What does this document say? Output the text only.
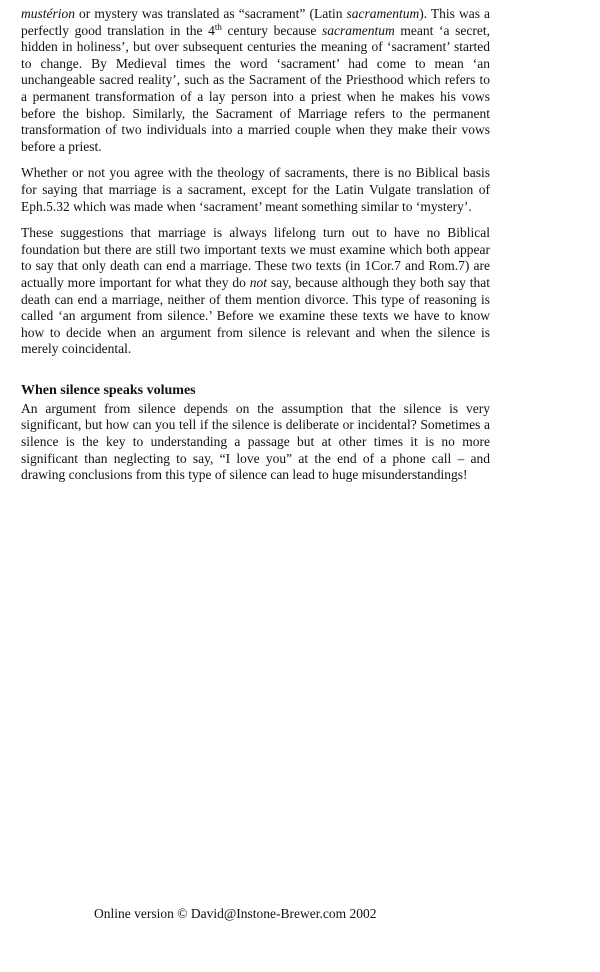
mustérion or mystery was translated as “sacrament” (Latin sacramentum). This was a perfectly good translation in the 4th century because sacramentum meant ‘a secret, hidden in holiness’, but over subsequent centuries the meaning of ‘sacrament’ started to change. By Medieval times the word ‘sacrament’ had come to mean ‘an unchangeable sacred reality’, such as the Sacrament of the Priesthood which refers to a permanent transformation of a lay person into a priest when he makes his vows before the bishop. Similarly, the Sacrament of Marriage refers to the permanent transformation of two individuals into a married couple when they make their vows before a priest.

Whether or not you agree with the theology of sacraments, there is no Biblical basis for saying that marriage is a sacrament, except for the Latin Vulgate translation of Eph.5.32 which was made when ‘sacrament’ meant something similar to ‘mystery’.

These suggestions that marriage is always lifelong turn out to have no Biblical foundation but there are still two important texts we must examine which both appear to say that only death can end a marriage. These two texts (in 1Cor.7 and Rom.7) are actually more important for what they do not say, because although they both say that death can end a marriage, neither of them mention divorce. This type of reasoning is called ‘an argument from silence.’ Before we examine these texts we have to know how to decide when an argument from silence is relevant and when the silence is merely coincidental.

When silence speaks volumes

An argument from silence depends on the assumption that the silence is very significant, but how can you tell if the silence is deliberate or incidental? Sometimes a silence is the key to understanding a passage but at other times it is no more significant than neglecting to say, “I love you” at the end of a phone call – and drawing conclusions from this type of silence can lead to huge misunderstandings!

Online version © David@Instone-Brewer.com 2002
